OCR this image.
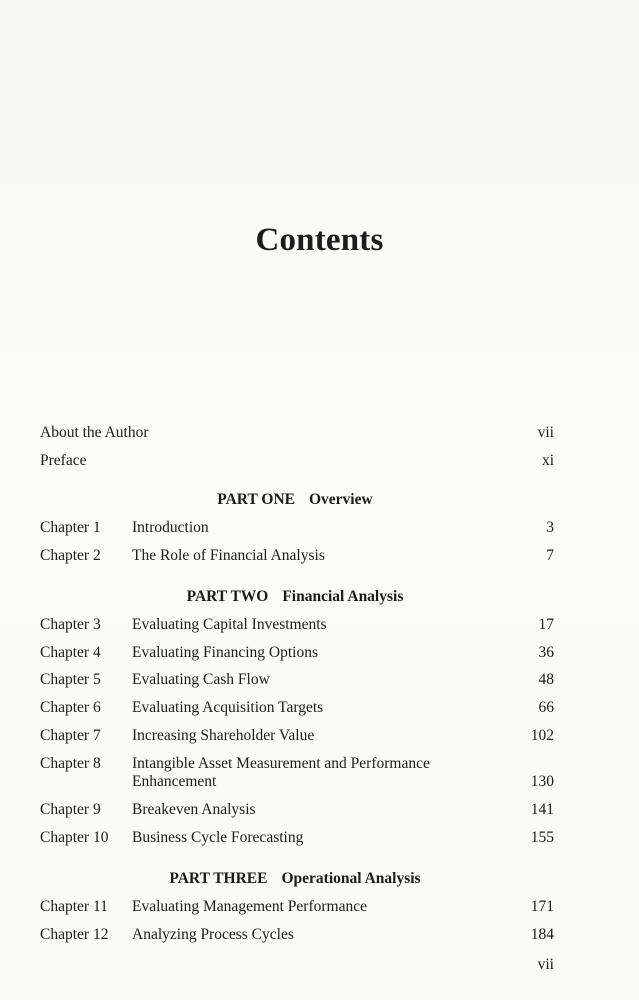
Contents
About the Author	vii
Preface	xi
PART ONE Overview
Chapter 1	Introduction	3
Chapter 2	The Role of Financial Analysis	7
PART TWO Financial Analysis
Chapter 3	Evaluating Capital Investments	17
Chapter 4	Evaluating Financing Options	36
Chapter 5	Evaluating Cash Flow	48
Chapter 6	Evaluating Acquisition Targets	66
Chapter 7	Increasing Shareholder Value	102
Chapter 8	Intangible Asset Measurement and Performance Enhancement	130
Chapter 9	Breakeven Analysis	141
Chapter 10	Business Cycle Forecasting	155
PART THREE Operational Analysis
Chapter 11	Evaluating Management Performance	171
Chapter 12	Analyzing Process Cycles	184
vii
